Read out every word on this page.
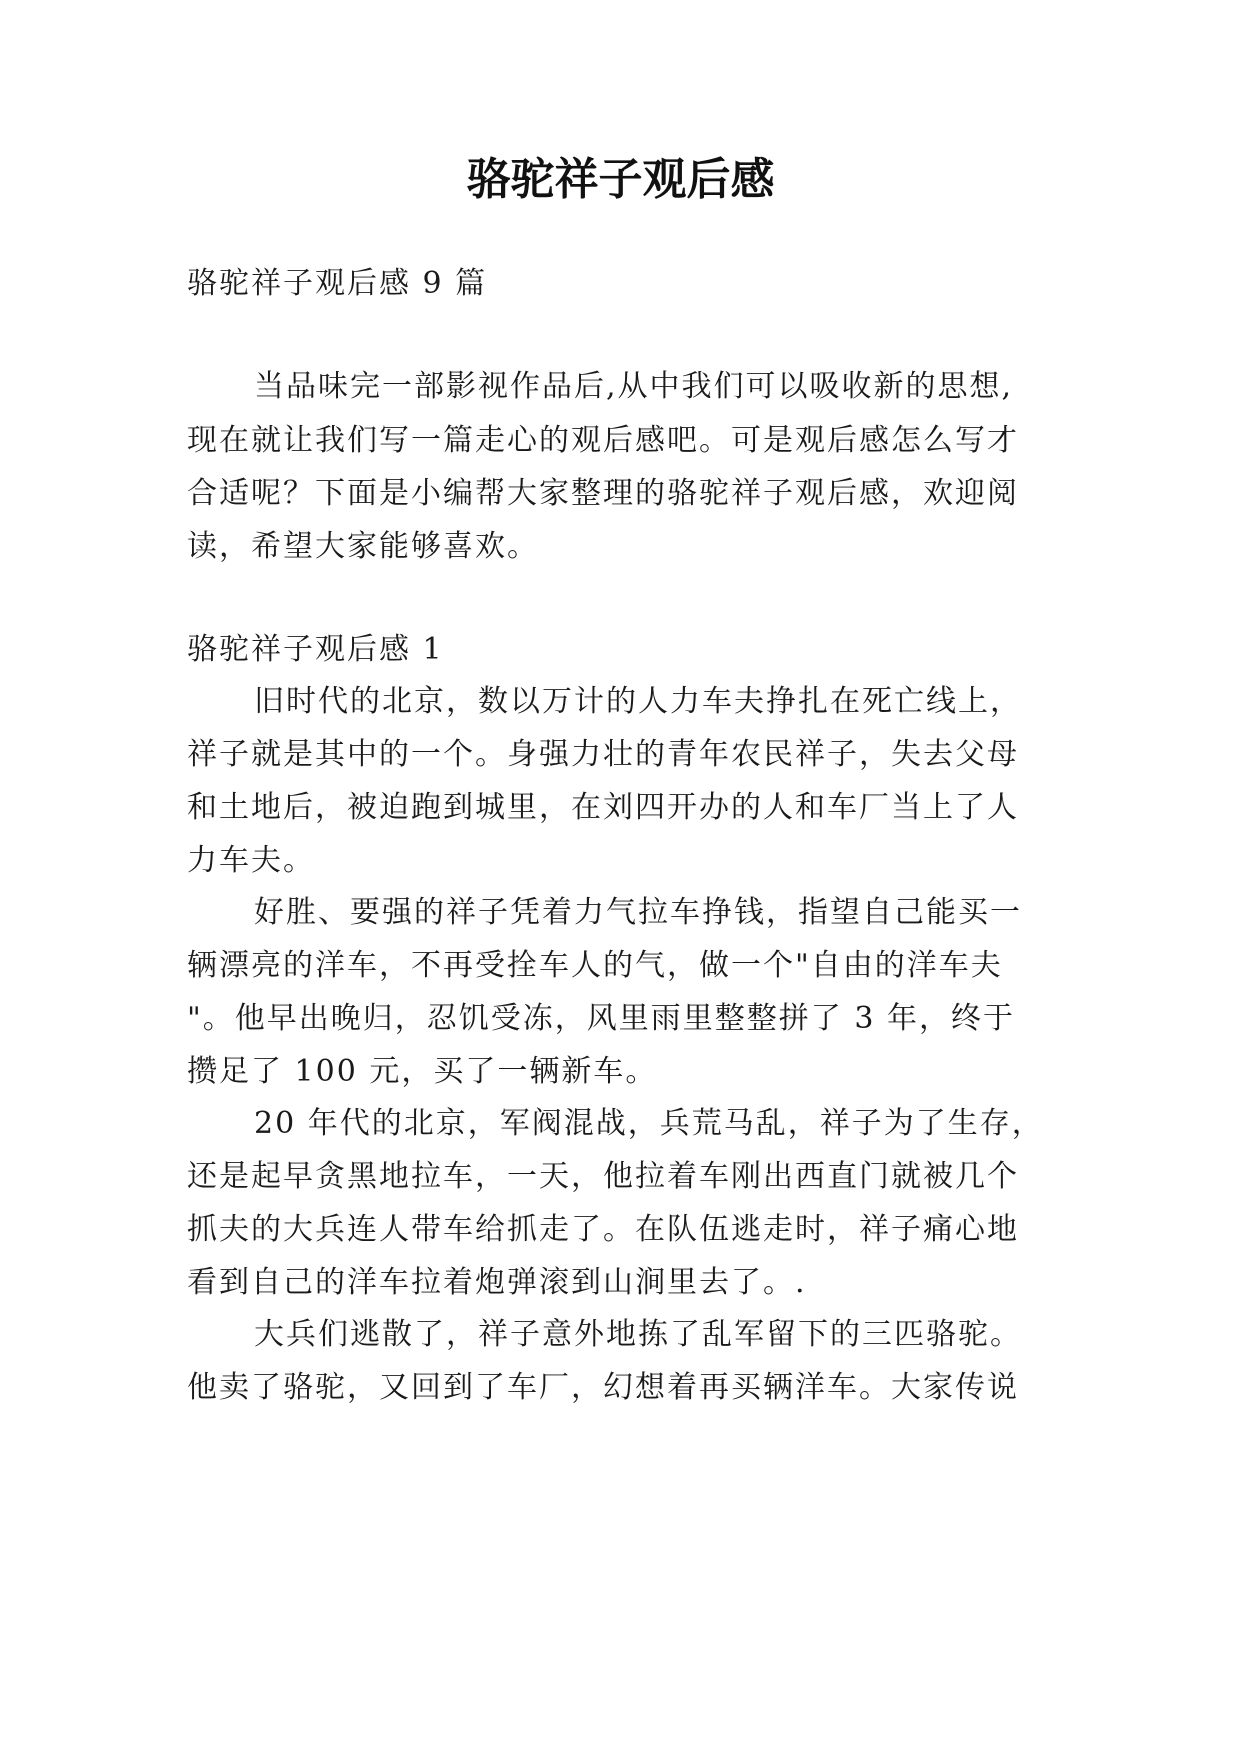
骆驼祥子观后感
骆驼祥子观后感 9 篇
当品味完一部影视作品后,从中我们可以吸收新的思想,
现在就让我们写一篇走心的观后感吧。可是观后感怎么写才
合适呢？下面是小编帮大家整理的骆驼祥子观后感，欢迎阅
读，希望大家能够喜欢。
骆驼祥子观后感 1
旧时代的北京，数以万计的人力车夫挣扎在死亡线上，
祥子就是其中的一个。身强力壮的青年农民祥子，失去父母
和土地后，被迫跑到城里，在刘四开办的人和车厂当上了人
力车夫。
好胜、要强的祥子凭着力气拉车挣钱，指望自己能买一
辆漂亮的洋车，不再受拴车人的气，做一个"自由的洋车夫
"。他早出晚归，忍饥受冻，风里雨里整整拼了 3 年，终于
攒足了 100 元，买了一辆新车。
20 年代的北京，军阀混战，兵荒马乱，祥子为了生存，
还是起早贪黑地拉车，一天，他拉着车刚出西直门就被几个
抓夫的大兵连人带车给抓走了。在队伍逃走时，祥子痛心地
看到自己的洋车拉着炮弹滚到山涧里去了。.
大兵们逃散了，祥子意外地拣了乱军留下的三匹骆驼。
他卖了骆驼，又回到了车厂，幻想着再买辆洋车。大家传说
